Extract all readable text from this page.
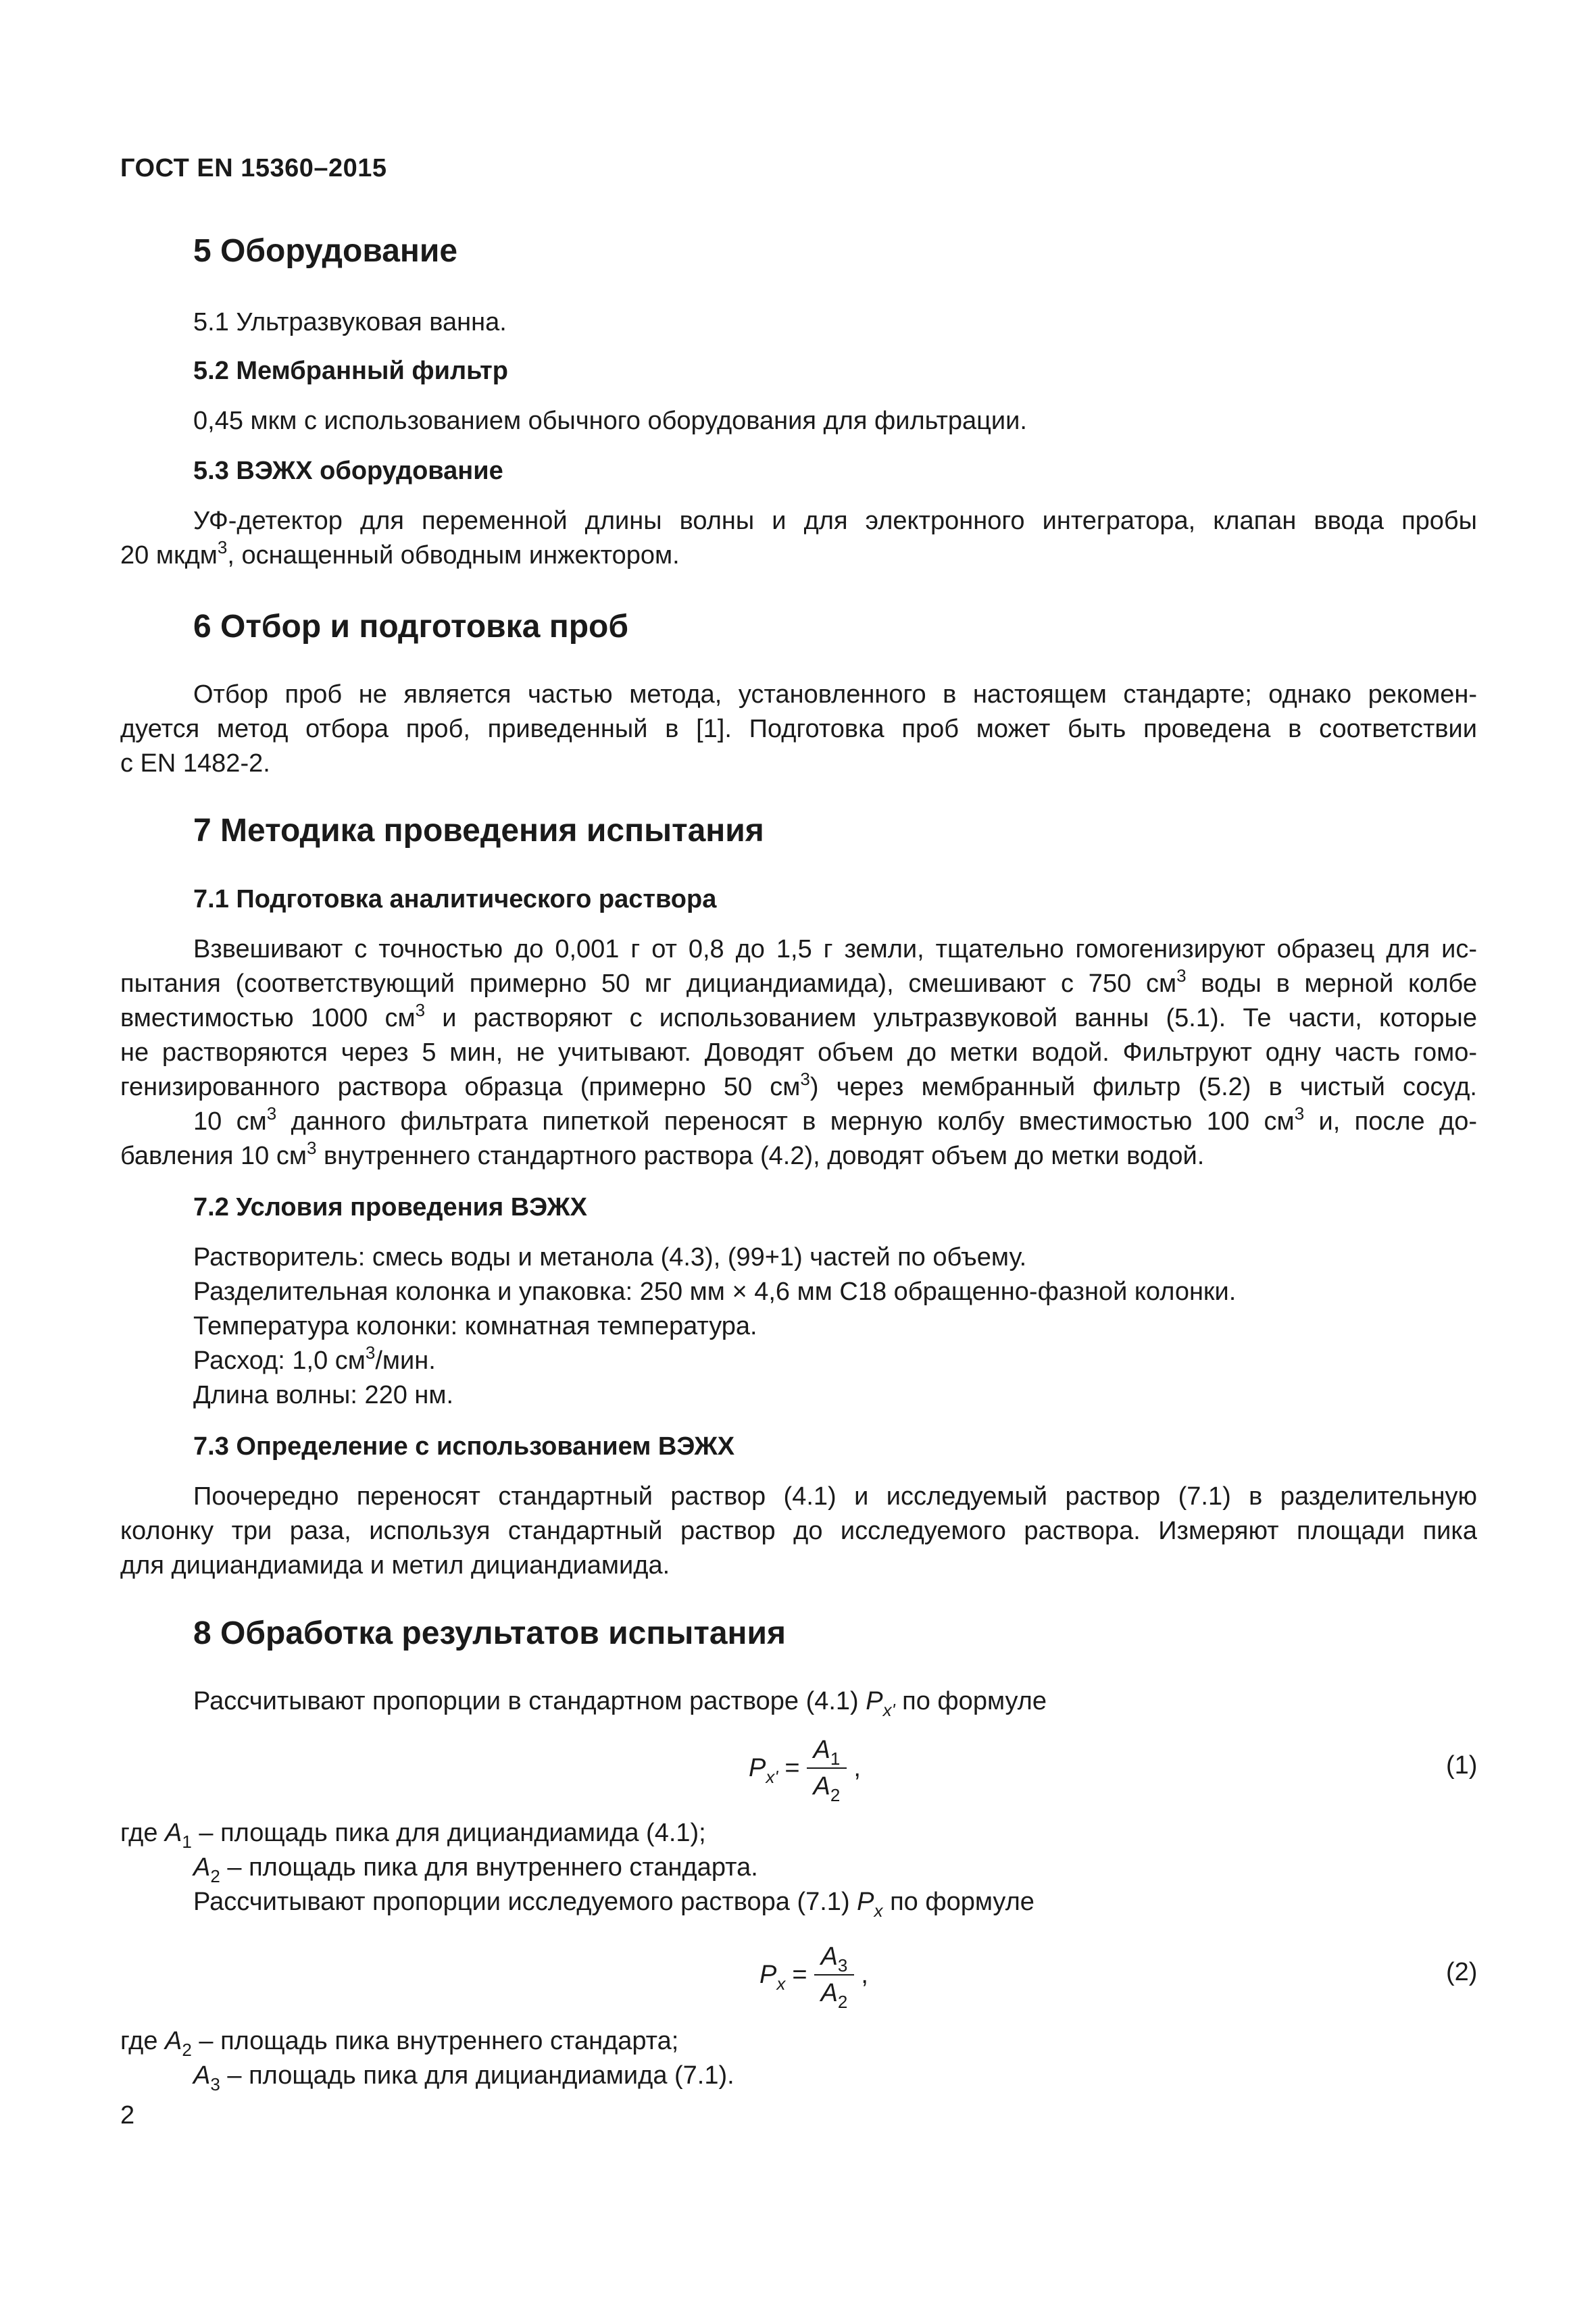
ГОСТ EN 15360–2015
5 Оборудование

5.1 Ультразвуковая ванна.

5.2 Мембранный фильтр

0,45 мкм с использованием обычного оборудования для фильтрации.

5.3 ВЭЖХ оборудование

УФ-детектор для переменной длины волны и для электронного интегратора, клапан ввода пробы

20 мкдм$^3$, оснащенный обводным инжектором.

6 Отбор и подготовка проб

Отбор проб не является частью метода, установленного в настоящем стандарте; однако рекомен-

дуется метод отбора проб, приведенный в [1]. Подготовка проб может быть проведена в соответствии

с EN 1482-2.

7 Методика проведения испытания
7.1 Подготовка аналитического раствора

Взвешивают с точностью до 0,001 г от 0,8 до 1,5 г земли, тщательно гомогенизируют образец для ис-

пытания (соответствующий примерно 50 мг дициандиамида), смешивают с 750 $см^3$ воды в мерной колбе

вместимостью 1000 $см^3$ и растворяют с использованием ультразвуковой ванны (5.1). Те части, которые

не растворяются через 5 мин, не учитывают. Доводят объем до метки водой. Фильтруют одну часть гомо-

генизированного раствора образца (примерно 50 $см^3$) через мембранный фильтр (5.2) в чистый сосуд.

10 $см^3$ данного фильтрата пипеткой переносят в мерную колбу вместимостью 100 $см^3$ и, после до-

бавления 10 $см^3$ внутреннего стандартного раствора (4.2), доводят объем до метки водой.

7.2 Условия проведения ВЭЖХ

Растворитель: смесь воды и метанола (4.3), (99+1) частей по объему.

Разделительная колонка и упаковка: 250 мм × 4,6 мм C18 обращенно-фазной колонки.

Температура колонки: комнатная температура.

Расход: 1,0 $см^3$/мин.

Длина волны: 220 нм.

7.3 Определение с использованием ВЭЖХ

Поочередно переносят стандартный раствор (4.1) и исследуемый раствор (7.1) в разделительную

колонку три раза, используя стандартный раствор до исследуемого раствора. Измеряют площади пика

для дициандиамида и метил дициандиамида.

8 Обработка результатов испытания

Рассчитывают пропорции в стандартном растворе (4.1) $P_{x'}$ по формуле

$P_{x'} = \frac{A_1}{A_2}$ ,	(1)

где $A_1$ – площадь пика для дициандиамида (4.1);

$A_2$ – площадь пика для внутреннего стандарта.

Рассчитывают пропорции исследуемого раствора (7.1) $P_x$ по формуле

$P_x = \frac{A_3}{A_2}$ ,	(2)

где $A_2$ – площадь пика внутреннего стандарта;

$A_3$ – площадь пика для дициандиамида (7.1).

2
